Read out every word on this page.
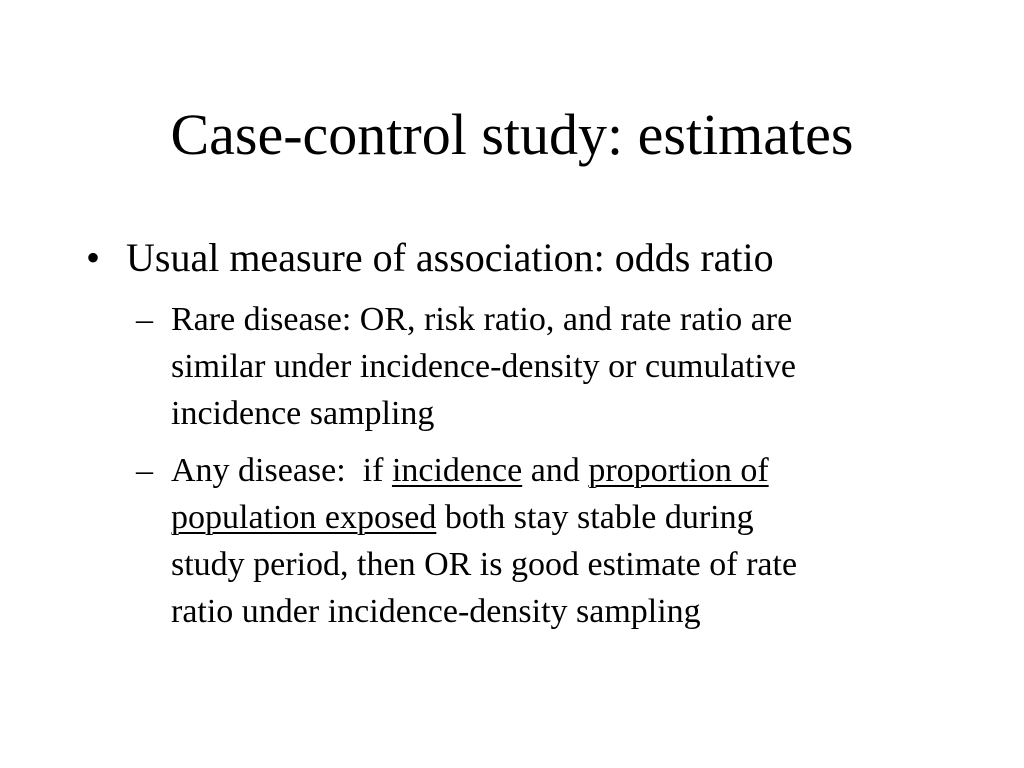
Case-control study: estimates
• Usual measure of association: odds ratio
– Rare disease: OR, risk ratio, and rate ratio are
similar under incidence-density or cumulative
incidence sampling
– Any disease:  if incidence and proportion of
population exposed both stay stable during
study period, then OR is good estimate of rate
ratio under incidence-density sampling
